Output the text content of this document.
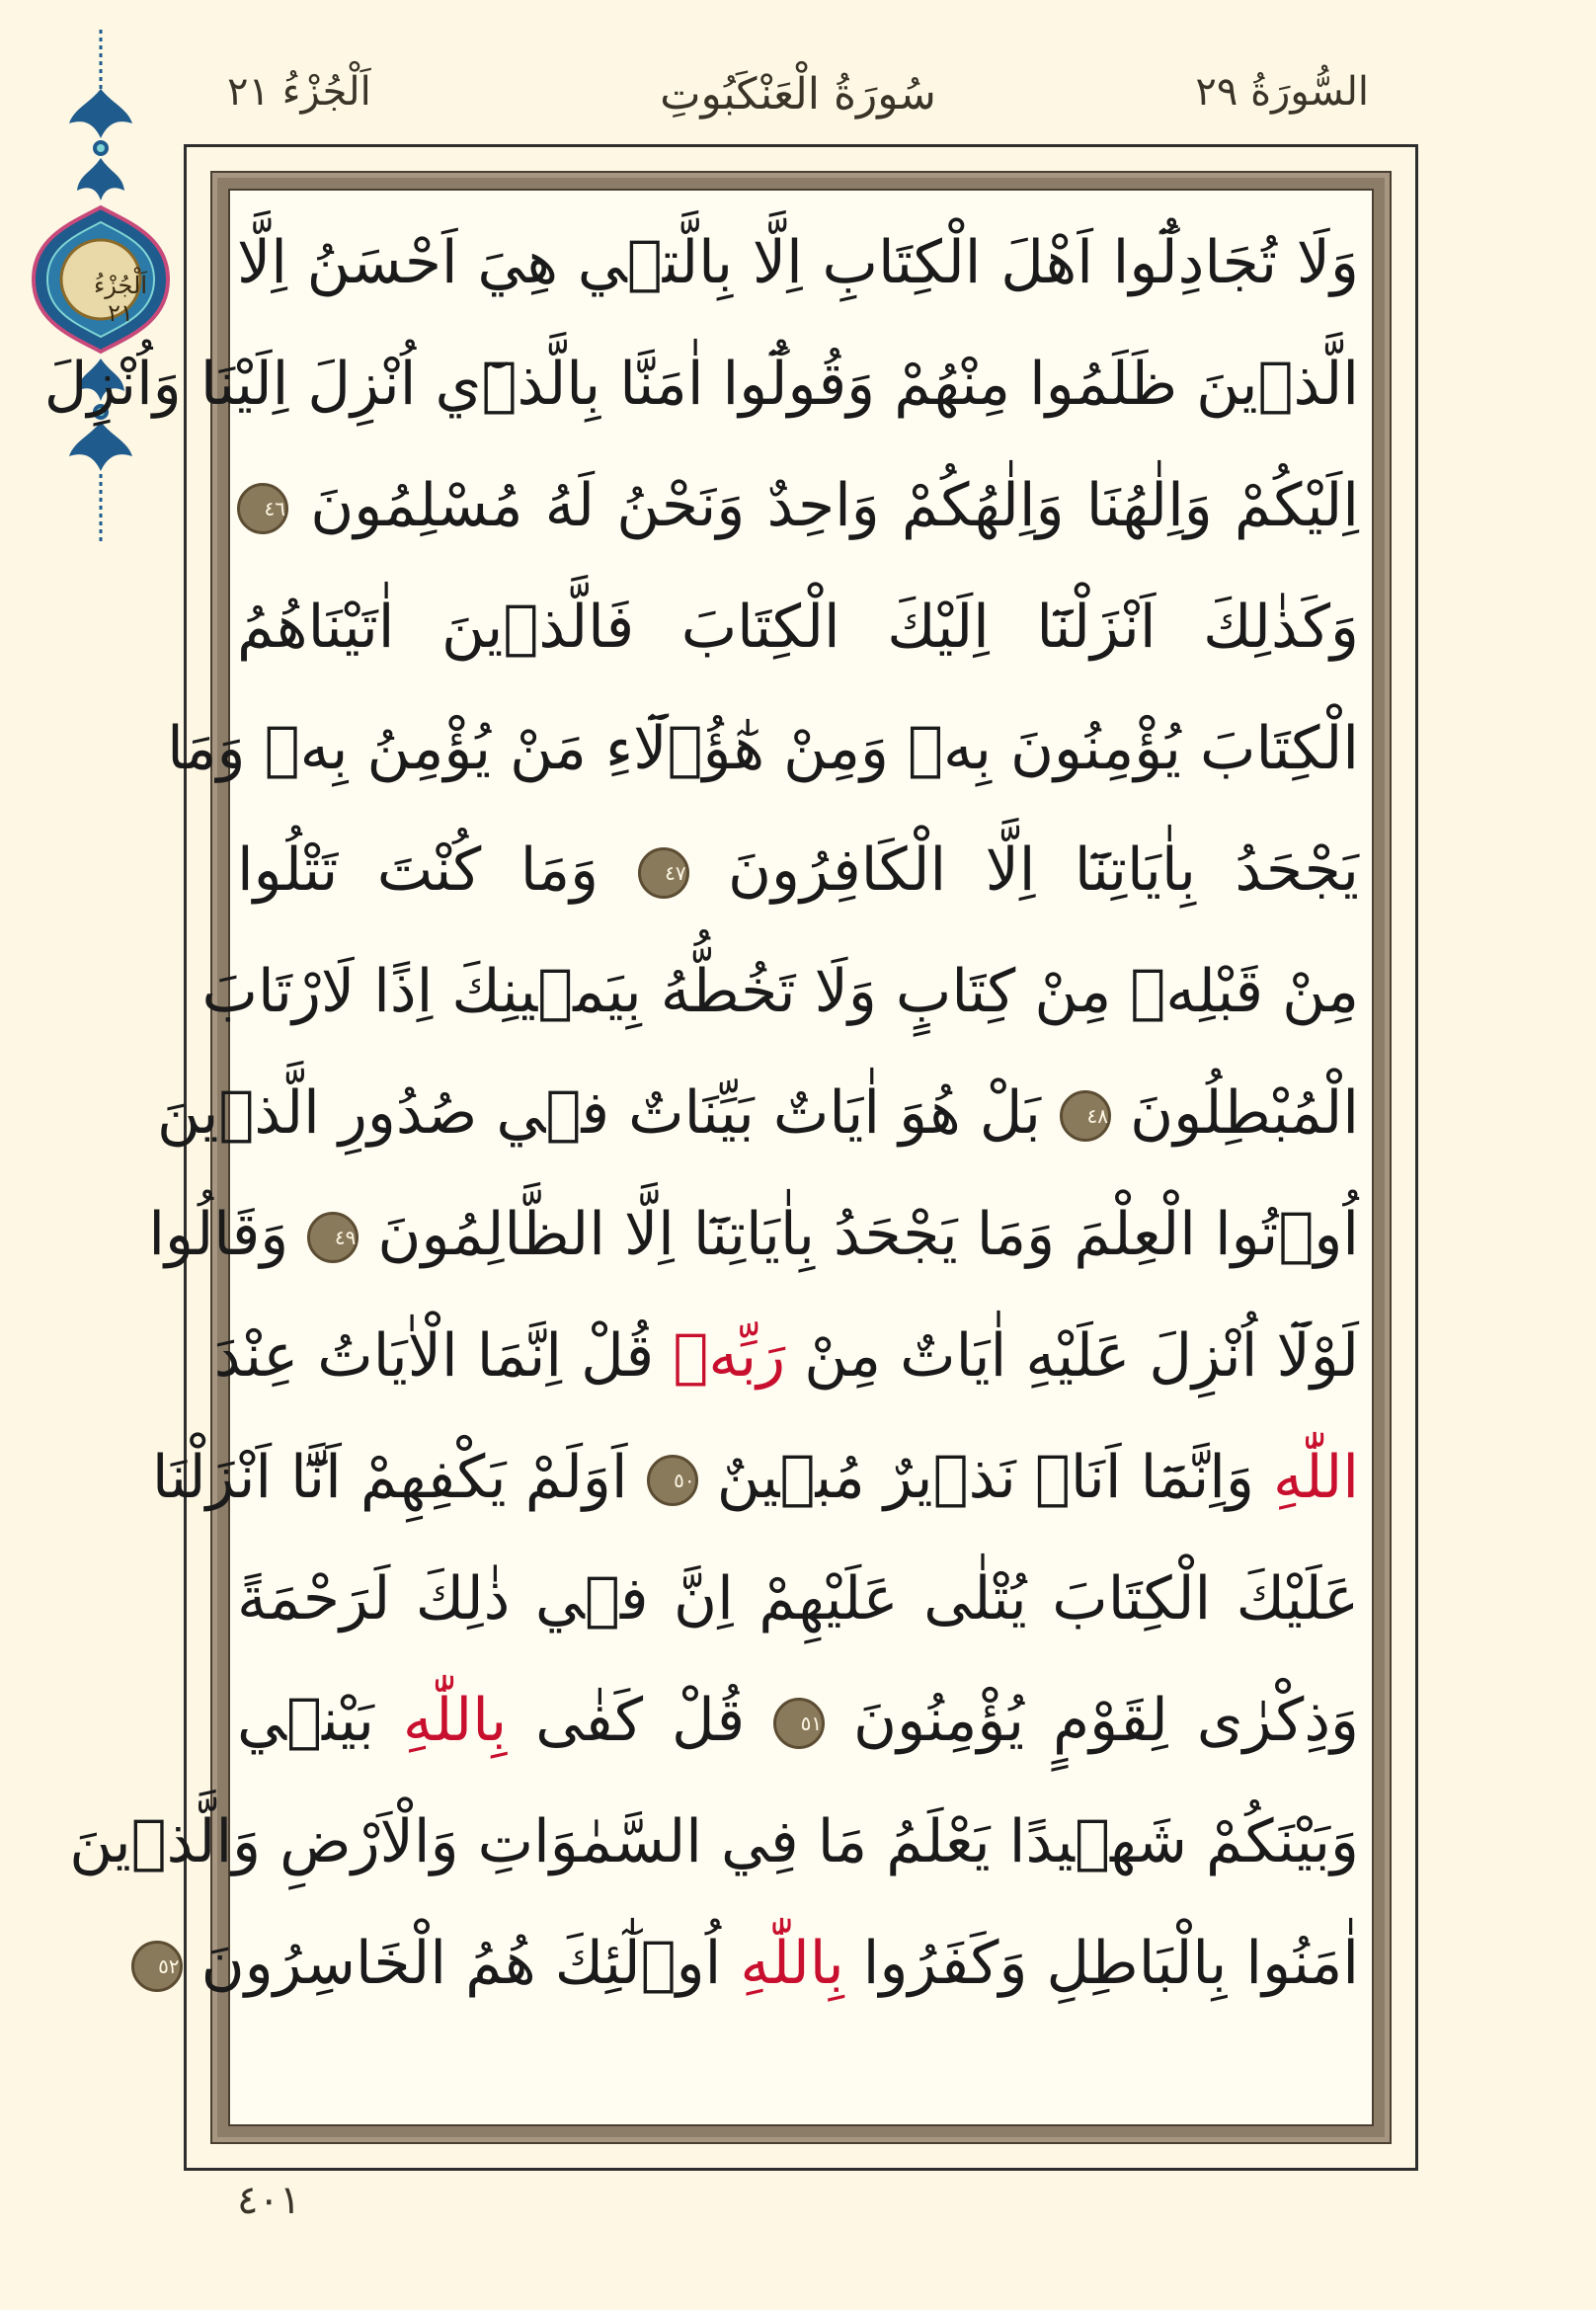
السُّورَةُ ٢٩
سُورَةُ الْعَنْكَبُوتِ
اَلْجُزْءُ ٢١
اَلْجُزْءُ
٢١
وَلَا تُجَادِلُٓوا اَهْلَ الْكِتَابِ اِلَّا بِالَّت۪ي هِيَ اَحْسَنُ اِلَّا
الَّذ۪ينَ ظَلَمُوا مِنْهُمْ وَقُولُٓوا اٰمَنَّا بِالَّذ۪ٓي اُنْزِلَ اِلَيْنَا وَاُنْزِلَ
اِلَيْكُمْ وَاِلٰهُنَا وَاِلٰهُكُمْ وَاحِدٌ وَنَحْنُ لَهُ مُسْلِمُونَ ٤٦
وَكَذٰلِكَ اَنْزَلْنَٓا اِلَيْكَ الْكِتَابَ فَالَّذ۪ينَ اٰتَيْنَاهُمُ
الْكِتَابَ يُؤْمِنُونَ بِه۪ وَمِنْ هٰٓؤُ۬لَٓاءِ مَنْ يُؤْمِنُ بِه۪ وَمَا
يَجْحَدُ بِاٰيَاتِنَٓا اِلَّا الْكَافِرُونَ ٤٧ وَمَا كُنْتَ تَتْلُوا
مِنْ قَبْلِه۪ مِنْ كِتَابٍ وَلَا تَخُطُّهُ بِيَم۪ينِكَ اِذًا لَارْتَابَ
الْمُبْطِلُونَ ٤٨ بَلْ هُوَ اٰيَاتٌ بَيِّنَاتٌ ف۪ي صُدُورِ الَّذ۪ينَ
اُو۫تُوا الْعِلْمَ وَمَا يَجْحَدُ بِاٰيَاتِنَٓا اِلَّا الظَّالِمُونَ ٤٩ وَقَالُوا
لَوْلَٓا اُنْزِلَ عَلَيْهِ اٰيَاتٌ مِنْ رَبِّه۪ قُلْ اِنَّمَا الْاٰيَاتُ عِنْدَ
اللّٰهِ وَاِنَّمَٓا اَنَا۬ نَذ۪يرٌ مُب۪ينٌ ٥٠ اَوَلَمْ يَكْفِهِمْ اَنَّٓا اَنْزَلْنَا
عَلَيْكَ الْكِتَابَ يُتْلٰى عَلَيْهِمْ اِنَّ ف۪ي ذٰلِكَ لَرَحْمَةً
وَذِكْرٰى لِقَوْمٍ يُؤْمِنُونَ ٥١ قُلْ كَفٰى بِاللّٰهِ بَيْن۪ي
وَبَيْنَكُمْ شَه۪يدًا يَعْلَمُ مَا فِي السَّمٰوَاتِ وَالْاَرْضِ وَالَّذ۪ينَ
اٰمَنُوا بِالْبَاطِلِ وَكَفَرُوا بِاللّٰهِ اُو۬لٰٓئِكَ هُمُ الْخَاسِرُونَ ٥٢
٤٠١
